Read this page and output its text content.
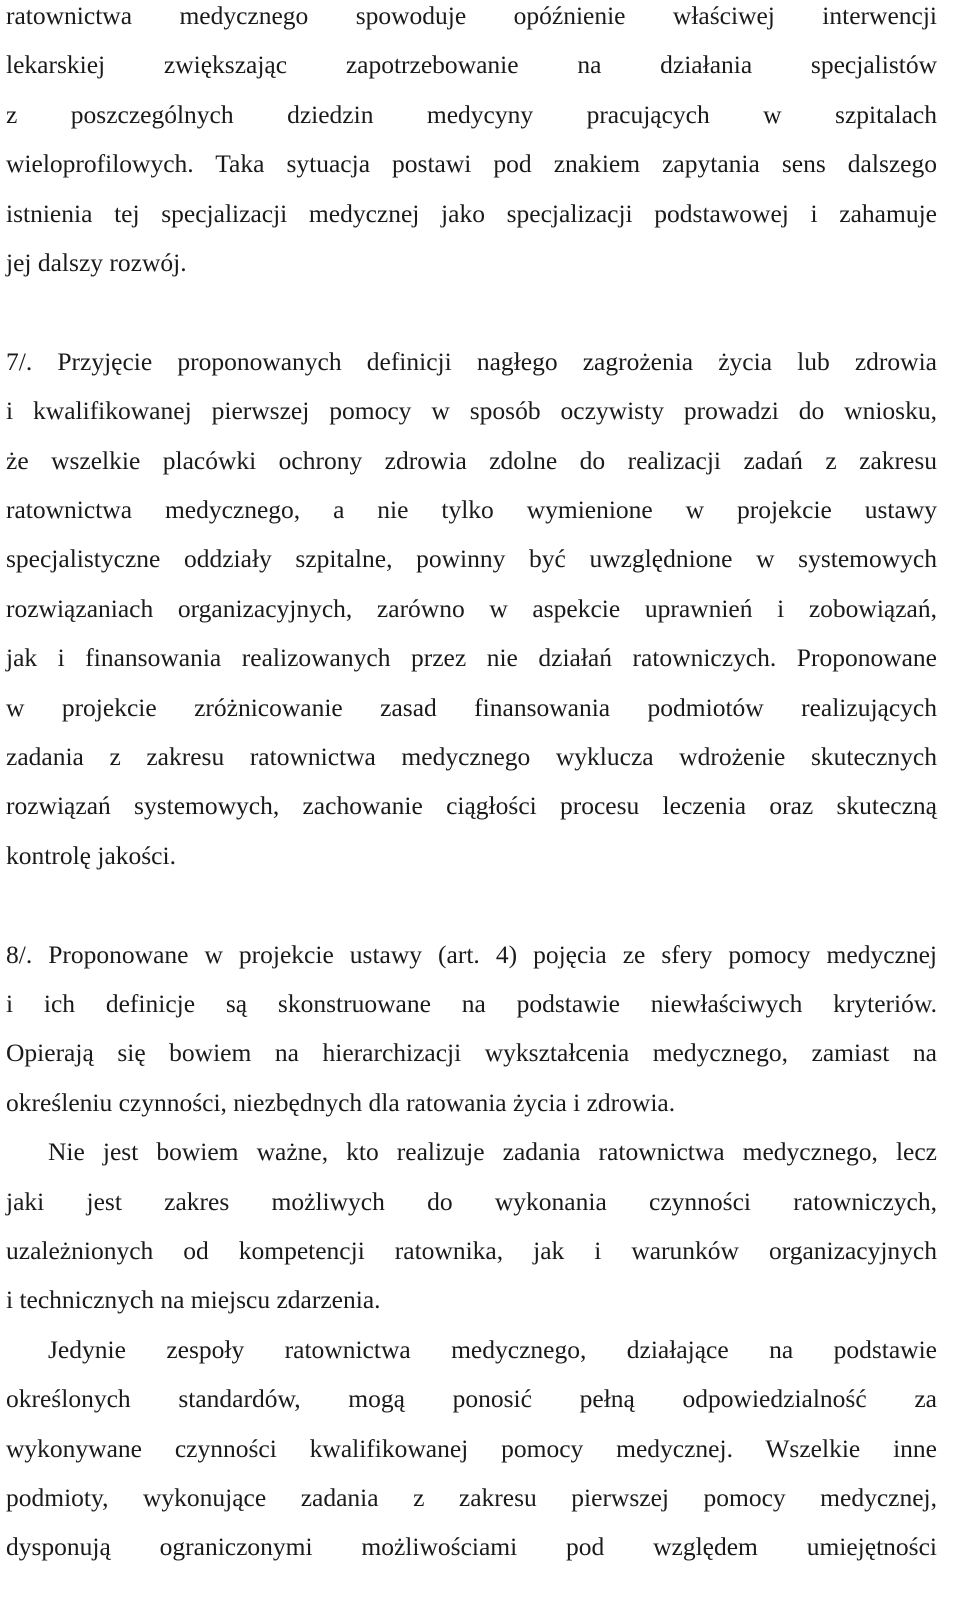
ratownictwa medycznego spowoduje opóźnienie właściwej interwencji
lekarskiej zwiększając zapotrzebowanie na działania specjalistów
z poszczególnych dziedzin medycyny pracujących w szpitalach
wieloprofilowych. Taka sytuacja postawi pod znakiem zapytania sens dalszego
istnienia tej specjalizacji medycznej jako specjalizacji podstawowej i zahamuje
jej dalszy rozwój.
7/. Przyjęcie proponowanych definicji nagłego zagrożenia życia lub zdrowia
i kwalifikowanej pierwszej pomocy w sposób oczywisty prowadzi do wniosku,
że wszelkie placówki ochrony zdrowia zdolne do realizacji zadań z zakresu
ratownictwa medycznego, a nie tylko wymienione w projekcie ustawy
specjalistyczne oddziały szpitalne, powinny być uwzględnione w systemowych
rozwiązaniach organizacyjnych, zarówno w aspekcie uprawnień i zobowiązań,
jak i finansowania realizowanych przez nie działań ratowniczych. Proponowane
w projekcie zróżnicowanie zasad finansowania podmiotów realizujących
zadania z zakresu ratownictwa medycznego wyklucza wdrożenie skutecznych
rozwiązań systemowych, zachowanie ciągłości procesu leczenia oraz skuteczną
kontrolę jakości.
8/. Proponowane w projekcie ustawy (art. 4) pojęcia ze sfery pomocy medycznej
i ich definicje są skonstruowane na podstawie niewłaściwych kryteriów.
Opierają się bowiem na hierarchizacji wykształcenia medycznego, zamiast na
określeniu czynności, niezbędnych dla ratowania życia i zdrowia.
Nie jest bowiem ważne, kto realizuje zadania ratownictwa medycznego, lecz
jaki jest zakres możliwych do wykonania czynności ratowniczych,
uzależnionych od kompetencji ratownika, jak i warunków organizacyjnych
i technicznych na miejscu zdarzenia.
Jedynie zespoły ratownictwa medycznego, działające na podstawie
określonych standardów, mogą ponosić pełną odpowiedzialność za
wykonywane czynności kwalifikowanej pomocy medycznej. Wszelkie inne
podmioty, wykonujące zadania z zakresu pierwszej pomocy medycznej,
dysponują ograniczonymi możliwościami pod względem umiejętności
